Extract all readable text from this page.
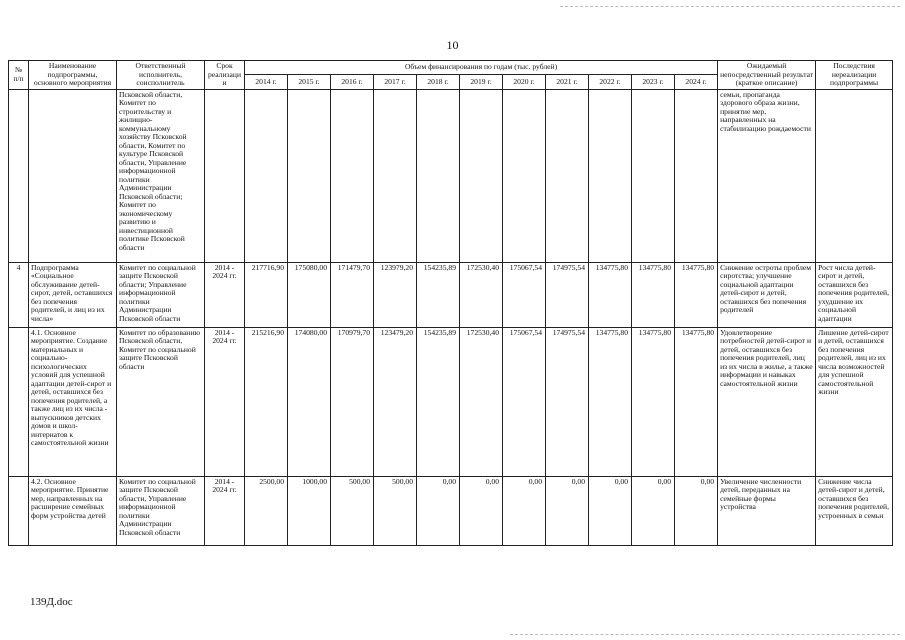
10
№ п/п	Наименование подпрограммы, основного мероприятия	Ответственный исполнитель, соисполнитель	Срок реализации	Объем финансирования по годам (тыс. рублей)											Ожидаемый непосредственный результат (краткое описание)	Последствия нереализации подпрограммы
				2014 г.	2015 г.	2016 г.	2017 г.	2018 г.	2019 г.	2020 г.	2021 г.	2022 г.	2023 г.	2024 г.		
		Псковской области, Комитет по строительству и жилищно-коммунальному хозяйству Псковской области, Комитет по культуре Псковской области, Управление информационной политики Администрации Псковской области; Комитет по экономическому развитию и инвестиционной политике Псковской области													семьи, пропаганда здорового образа жизни, принятие мер, направленных на стабилизацию рождаемости	
4	Подпрограмма «Социальное обслуживание детей-сирот, детей, оставшихся без попечения родителей, и лиц из их числа»	Комитет по социальной защите Псковской области; Управление информационной политики Администрации Псковской области	2014 - 2024 гг.	217716,90	175080,00	171479,70	123979,20	154235,89	172530,40	175067,54	174975,54	134775,80	134775,80	134775,80	Снижение остроты проблем сиротства; улучшение социальной адаптации детей-сирот и детей, оставшихся без попечения родителей	Рост числа детей-сирот и детей, оставшихся без попечения родителей, ухудшение их социальной адаптации
	4.1. Основное мероприятие. Создание материальных и социально-психологических условий для успешной адаптации детей-сирот и детей, оставшихся без попечения родителей, а также лиц из их числа - выпускников детских домов и школ-интернатов к самостоятельной жизни	Комитет по образованию Псковской области, Комитет по социальной защите Псковской области	2014 - 2024 гг.	215216,90	174080,00	170979,70	123479,20	154235,89	172530,40	175067,54	174975,54	134775,80	134775,80	134775,80	Удовлетворение потребностей детей-сирот и детей, оставшихся без попечения родителей, лиц из их числа в жилье, а также информации и навыках самостоятельной жизни	Лишение детей-сирот и детей, оставшихся без попечения родителей, лиц из их числа возможностей для успешной самостоятельной жизни
	4.2. Основное мероприятие. Принятие мер, направленных на расширение семейных форм устройства детей	Комитет по социальной защите Псковской области, Управление информационной политики Администрации Псковской области	2014 - 2024 гг.	2500,00	1000,00	500,00	500,00	0,00	0,00	0,00	0,00	0,00	0,00	0,00	Увеличение численности детей, переданных на семейные формы устройства	Снижение числа детей-сирот и детей, оставшихся без попечения родителей, устроенных в семьи
139Д.doc
